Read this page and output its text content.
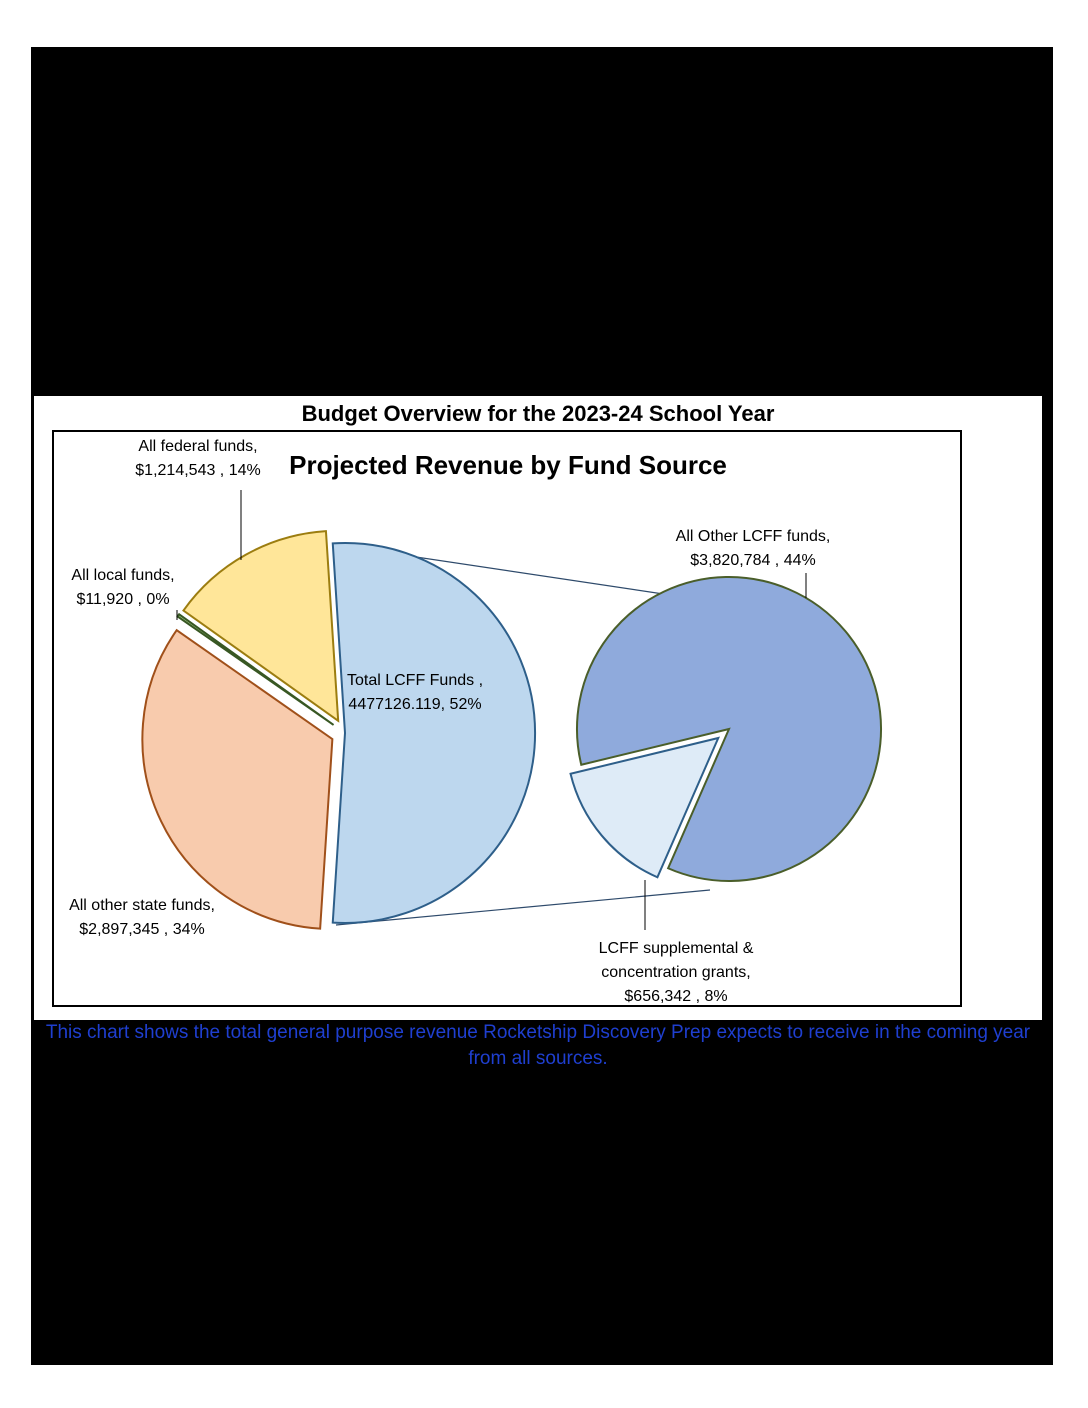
Budget Overview for the 2023-24 School Year
All federal funds, $1,214,543 , 14%
All local funds, $11,920 , 0%
Total LCFF Funds , 4477126.119, 52%
All other state funds, $2,897,345 , 34%
All Other LCFF funds, $3,820,784 , 44%
LCFF supplemental & concentration grants, $656,342 , 8%
Projected Revenue by Fund Source
This chart shows the total general purpose revenue Rocketship Discovery Prep expects to receive in the coming year from all sources.
